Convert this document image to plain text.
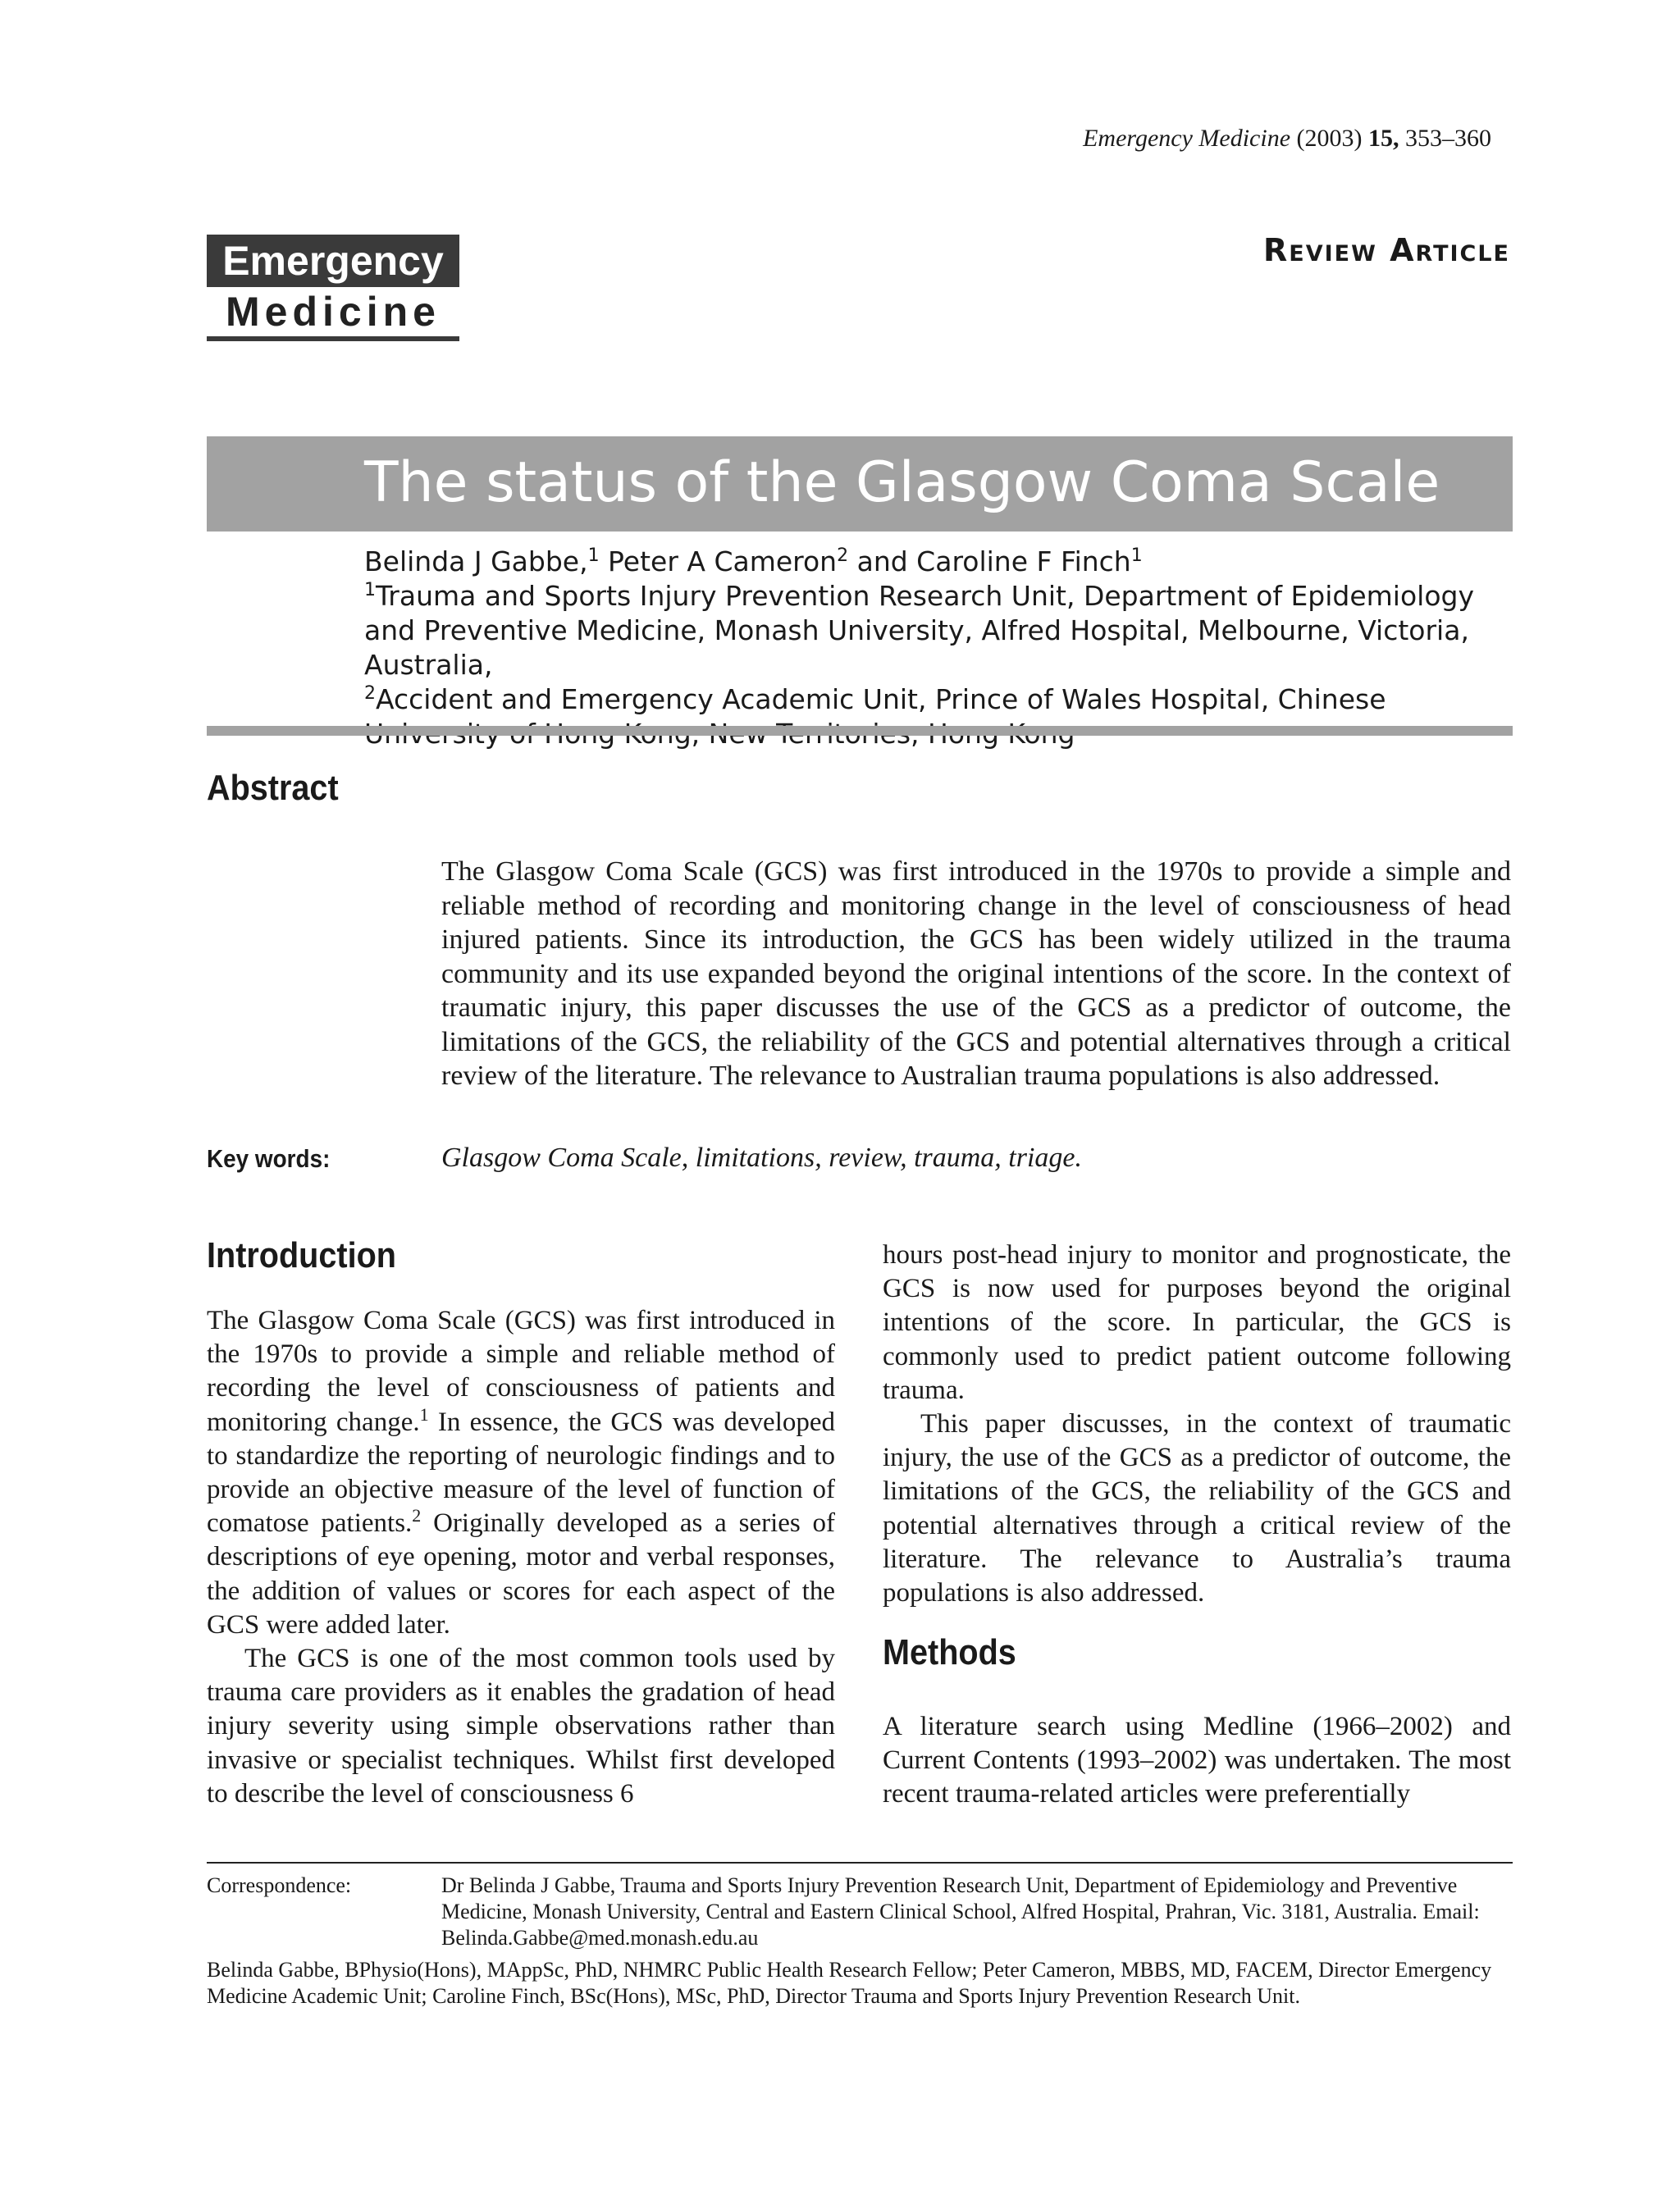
Emergency Medicine (2003) 15, 353–360
Emergency
Medicine
Review Article
The status of the Glasgow Coma Scale
Belinda J Gabbe,$^1$ Peter A Cameron$^2$ and Caroline F Finch$^1$
$^1$Trauma and Sports Injury Prevention Research Unit, Department of Epidemiology and Preventive Medicine, Monash University, Alfred Hospital, Melbourne, Victoria, Australia,
$^2$Accident and Emergency Academic Unit, Prince of Wales Hospital, Chinese
Abstract

The Glasgow Coma Scale (GCS) was first introduced in the 1970s to provide a simple and reliable method of recording and monitoring change in the level of consciousness of head injured patients. Since its introduction, the GCS has been widely utilized in the trauma community and its use expanded beyond the original intentions of the score. In the context of traumatic injury, this paper discusses the use of the GCS as a predictor of outcome, the limitations of the GCS, the reliability of the GCS and potential alternatives through a critical review of the literature. The relevance to Australian trauma populations is also addressed.

Key words:	Glasgow Coma Scale, limitations, review, trauma, triage.
Introduction

The Glasgow Coma Scale (GCS) was first introduced in the 1970s to provide a simple and reliable method of recording the level of consciousness of patients and monitoring change.$^1$ In essence, the GCS was developed to standardize the reporting of neurologic findings and to provide an objective measure of the level of function of comatose patients.$^2$ Originally developed as a series of descriptions of eye opening, motor and verbal responses, the addition of values or scores for each aspect of the GCS were added later.

The GCS is one of the most common tools used by trauma care providers as it enables the gradation of head injury severity using simple observations rather than invasive or specialist techniques. Whilst first developed to describe the level of consciousness 6

hours post-head injury to monitor and prognosticate, the GCS is now used for purposes beyond the original intentions of the score. In particular, the GCS is commonly used to predict patient outcome following trauma.

This paper discusses, in the context of traumatic injury, the use of the GCS as a predictor of outcome, the limitations of the GCS, the reliability of the GCS and potential alternatives through a critical review of the literature. The relevance to Australia’s trauma populations is also addressed.

Methods

A literature search using Medline (1966–2002) and Current Contents (1993–2002) was undertaken. The most recent trauma-related articles were preferentially

Correspondence:	Dr Belinda J Gabbe, Trauma and Sports Injury Prevention Research Unit, Department of Epidemiology and Preventive Medicine, Monash University, Central and Eastern Clinical School, Alfred Hospital, Prahran, Vic. 3181, Australia. Email: Belinda.Gabbe@med.monash.edu.au

Belinda Gabbe, BPhysio(Hons), MAppSc, PhD, NHMRC Public Health Research Fellow; Peter Cameron, MBBS, MD, FACEM, Director Emergency Medicine Academic Unit; Caroline Finch, BSc(Hons), MSc, PhD, Director Trauma and Sports Injury Prevention Research Unit.
